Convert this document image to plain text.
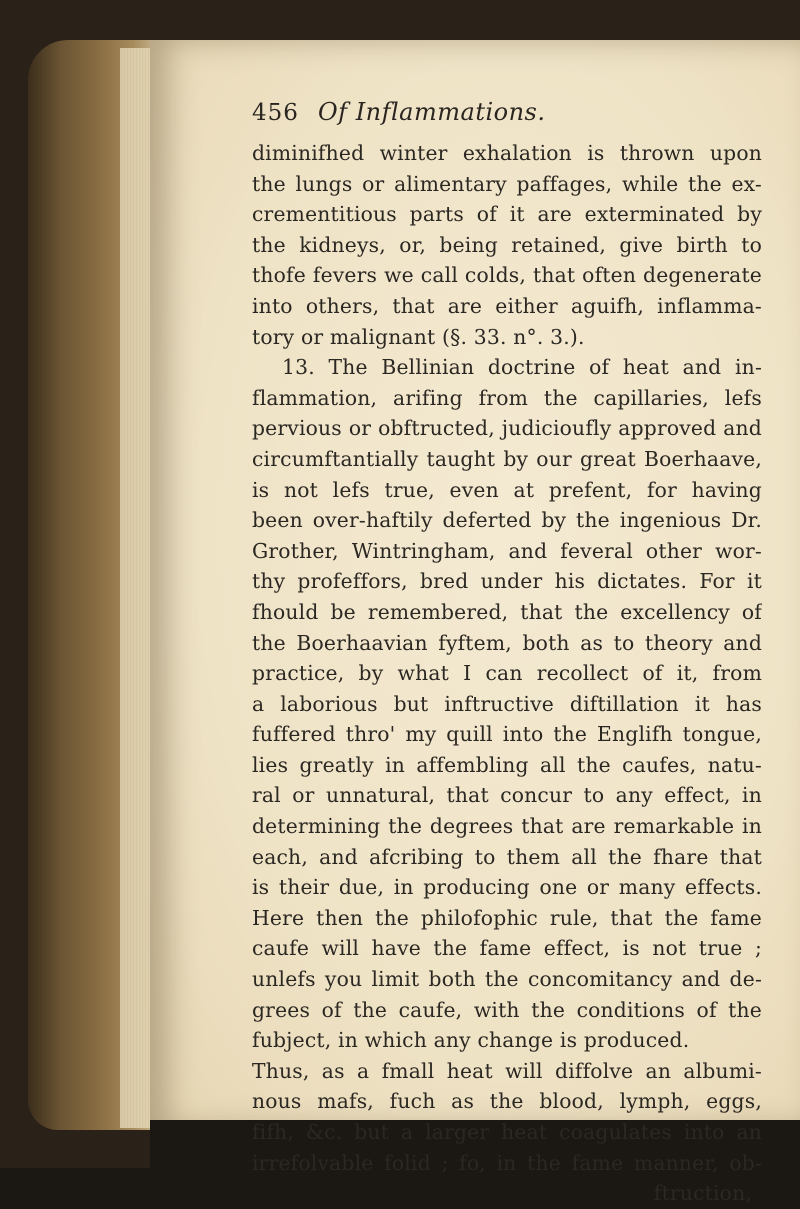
456 Of Inflammations.
diminifhed winter exhalation is thrown upon
the lungs or alimentary paffages, while the ex-
crementitious parts of it are exterminated by
the kidneys, or, being retained, give birth to
thofe fevers we call colds, that often degenerate
into others, that are either aguifh, inflamma-
tory or malignant (§. 33. n°. 3.).
13. The Bellinian doctrine of heat and in-
flammation, arifing from the capillaries, lefs
pervious or obftructed, judicioufly approved and
circumftantially taught by our great Boerhaave,
is not lefs true, even at prefent, for having
been over-haftily deferted by the ingenious Dr.
Grother, Wintringham, and feveral other wor-
thy profeffors, bred under his dictates. For it
fhould be remembered, that the excellency of
the Boerhaavian fyftem, both as to theory and
practice, by what I can recollect of it, from
a laborious but inftructive diftillation it has
fuffered thro' my quill into the Englifh tongue,
lies greatly in affembling all the caufes, natu-
ral or unnatural, that concur to any effect, in
determining the degrees that are remarkable in
each, and afcribing to them all the fhare that
is their due, in producing one or many effects.
Here then the philofophic rule, that the fame
caufe will have the fame effect, is not true ;
unlefs you limit both the concomitancy and de-
grees of the caufe, with the conditions of the
fubject, in which any change is produced.
Thus, as a fmall heat will diffolve an albumi-
nous mafs, fuch as the blood, lymph, eggs,
fifh, &c. but a larger heat coagulates into an
irrefolvable folid ; fo, in the fame manner, ob-
ftruction,
